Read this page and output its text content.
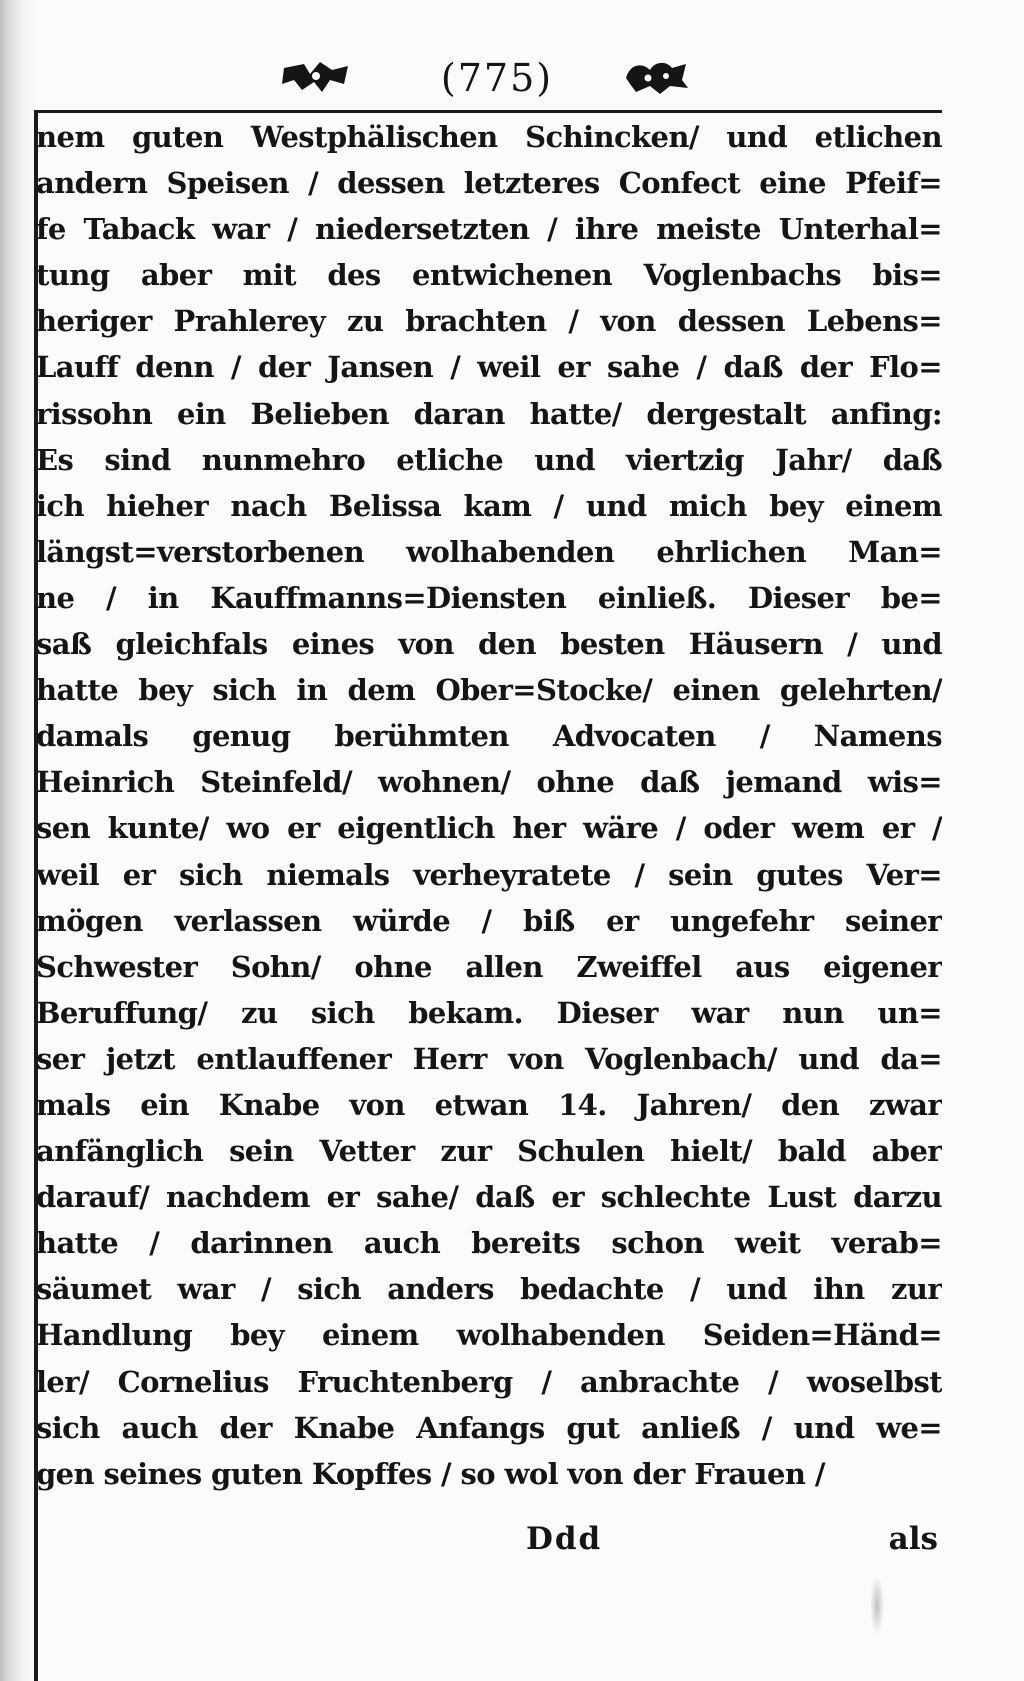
(775)
nem guten Westphälischen Schincken/ und etlichen
andern Speisen / dessen letzteres Confect eine Pfeif=
fe Taback war / niedersetzten / ihre meiste Unterhal=
tung aber mit des entwichenen Voglenbachs bis=
heriger Prahlerey zu brachten / von dessen Lebens=
Lauff denn / der Jansen / weil er sahe / daß der Flo=
rissohn ein Belieben daran hatte/ dergestalt anfing:
Es sind nunmehro etliche und viertzig Jahr/ daß
ich hieher nach Belissa kam / und mich bey einem
längst=verstorbenen wolhabenden ehrlichen Man=
ne / in Kauffmanns=Diensten einließ. Dieser be=
saß gleichfals eines von den besten Häusern / und
hatte bey sich in dem Ober=Stocke/ einen gelehrten/
damals genug berühmten Advocaten / Namens
Heinrich Steinfeld/ wohnen/ ohne daß jemand wis=
sen kunte/ wo er eigentlich her wäre / oder wem er /
weil er sich niemals verheyratete / sein gutes Ver=
mögen verlassen würde / biß er ungefehr seiner
Schwester Sohn/ ohne allen Zweiffel aus eigener
Beruffung/ zu sich bekam. Dieser war nun un=
ser jetzt entlauffener Herr von Voglenbach/ und da=
mals ein Knabe von etwan 14. Jahren/ den zwar
anfänglich sein Vetter zur Schulen hielt/ bald aber
darauf/ nachdem er sahe/ daß er schlechte Lust darzu
hatte / darinnen auch bereits schon weit verab=
säumet war / sich anders bedachte / und ihn zur
Handlung bey einem wolhabenden Seiden=Händ=
ler/ Cornelius Fruchtenberg / anbrachte / woselbst
sich auch der Knabe Anfangs gut anließ / und we=
gen seines guten Kopffes / so wol von der Frauen /
Ddd	als
